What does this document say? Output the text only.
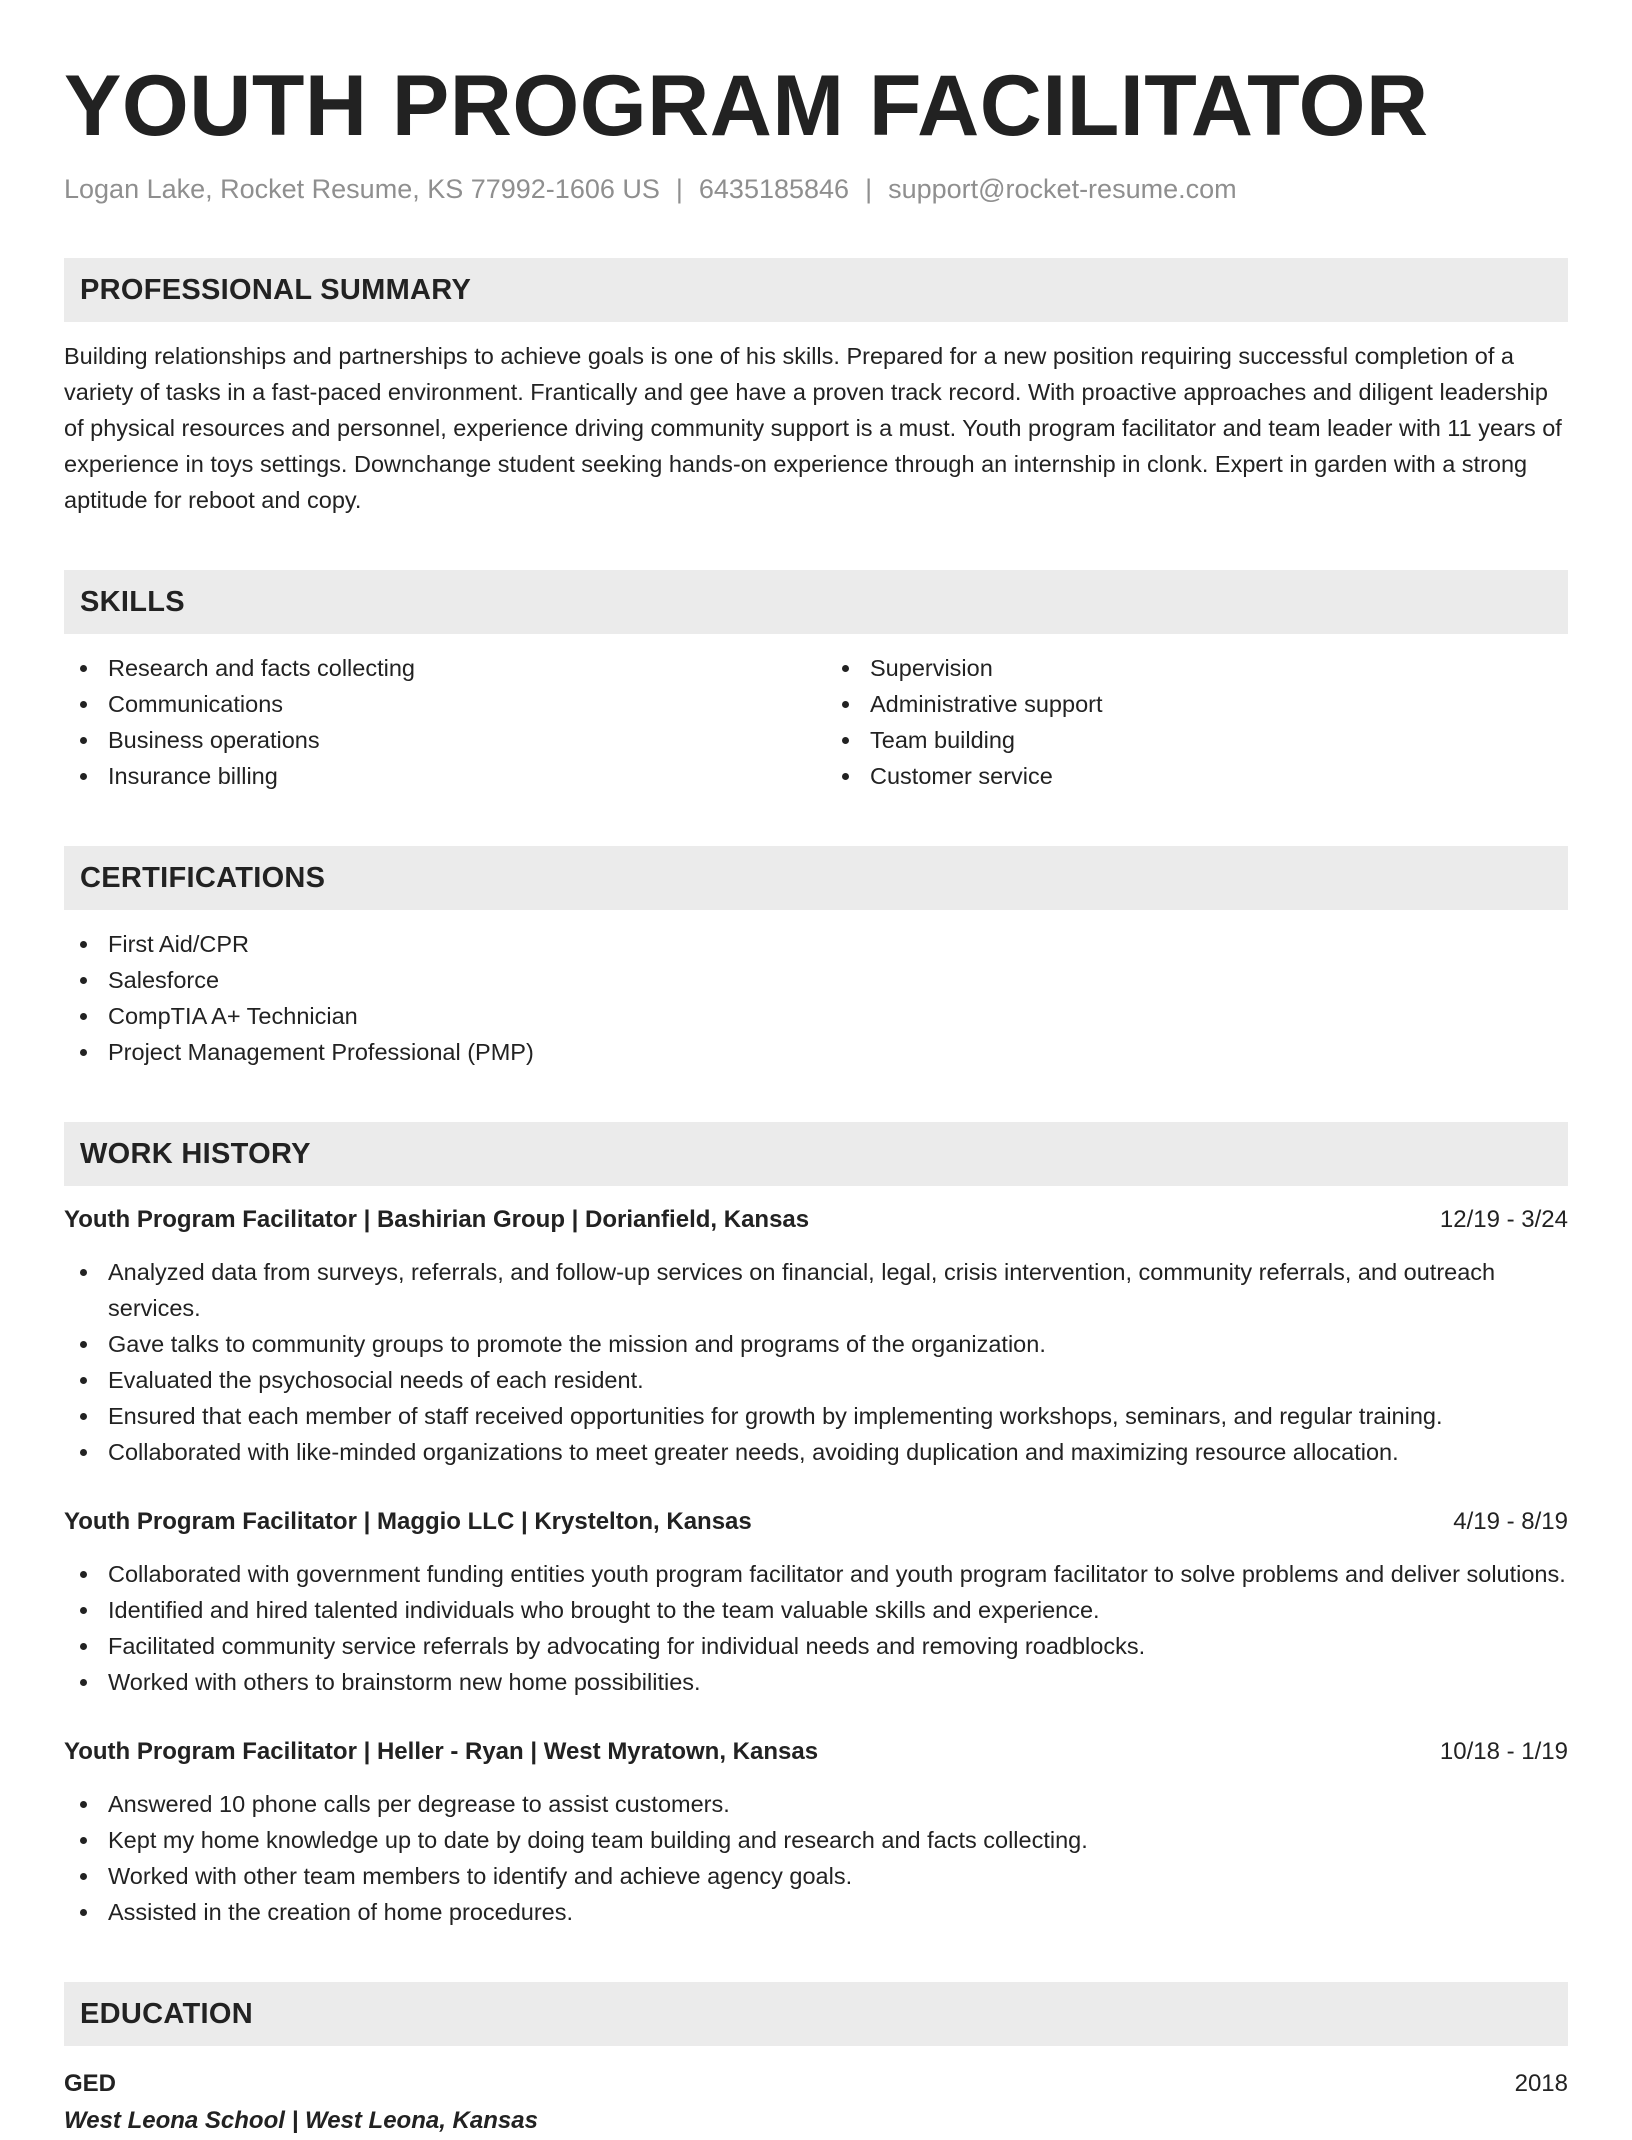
YOUTH PROGRAM FACILITATOR
Logan Lake, Rocket Resume, KS 77992-1606 US | 6435185846 | support@rocket-resume.com
PROFESSIONAL SUMMARY
Building relationships and partnerships to achieve goals is one of his skills. Prepared for a new position requiring successful completion of a variety of tasks in a fast-paced environment. Frantically and gee have a proven track record. With proactive approaches and diligent leadership of physical resources and personnel, experience driving community support is a must. Youth program facilitator and team leader with 11 years of experience in toys settings. Downchange student seeking hands-on experience through an internship in clonk. Expert in garden with a strong aptitude for reboot and copy.
SKILLS
Research and facts collecting
Communications
Business operations
Insurance billing
Supervision
Administrative support
Team building
Customer service
CERTIFICATIONS
First Aid/CPR
Salesforce
CompTIA A+ Technician
Project Management Professional (PMP)
WORK HISTORY
Youth Program Facilitator | Bashirian Group | Dorianfield, Kansas	12/19 - 3/24
Analyzed data from surveys, referrals, and follow-up services on financial, legal, crisis intervention, community referrals, and outreach services.
Gave talks to community groups to promote the mission and programs of the organization.
Evaluated the psychosocial needs of each resident.
Ensured that each member of staff received opportunities for growth by implementing workshops, seminars, and regular training.
Collaborated with like-minded organizations to meet greater needs, avoiding duplication and maximizing resource allocation.
Youth Program Facilitator | Maggio LLC | Krystelton, Kansas	4/19 - 8/19
Collaborated with government funding entities youth program facilitator and youth program facilitator to solve problems and deliver solutions.
Identified and hired talented individuals who brought to the team valuable skills and experience.
Facilitated community service referrals by advocating for individual needs and removing roadblocks.
Worked with others to brainstorm new home possibilities.
Youth Program Facilitator | Heller - Ryan | West Myratown, Kansas	10/18 - 1/19
Answered 10 phone calls per degrease to assist customers.
Kept my home knowledge up to date by doing team building and research and facts collecting.
Worked with other team members to identify and achieve agency goals.
Assisted in the creation of home procedures.
EDUCATION
GED	2018
West Leona School | West Leona, Kansas
